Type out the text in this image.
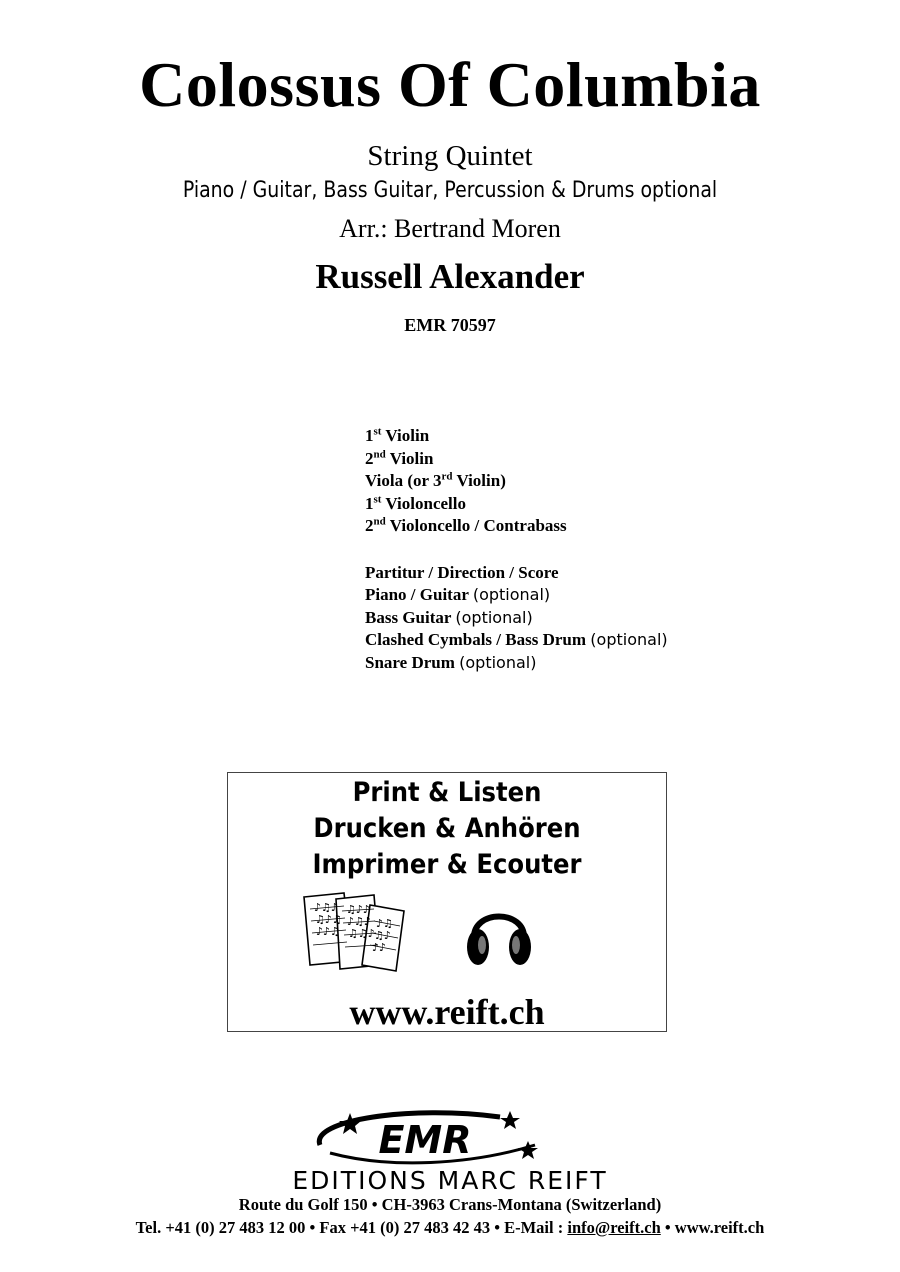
Colossus Of Columbia
String Quintet
Piano / Guitar, Bass Guitar, Percussion & Drums optional
Arr.: Bertrand Moren
Russell Alexander
EMR 70597
1st Violin
2nd Violin
Viola (or 3rd Violin)
1st Violoncello
2nd Violoncello / Contrabass
Partitur / Direction / Score
Piano / Guitar (optional)
Bass Guitar (optional)
Clashed Cymbals / Bass Drum (optional)
Snare Drum (optional)
Print & Listen
Drucken & Anhören
Imprimer & Ecouter
♪♫♪
♫♪♫
♪♪♫
♫♪♪
♪♫♪
♫♫♪
♪♫
♫♪
♪♪
www.reift.ch
EMR
EDITIONS MARC REIFT
Route du Golf 150 • CH-3963 Crans-Montana (Switzerland)
Tel. +41 (0) 27 483 12 00 • Fax +41 (0) 27 483 42 43 • E-Mail : info@reift.ch • www.reift.ch
